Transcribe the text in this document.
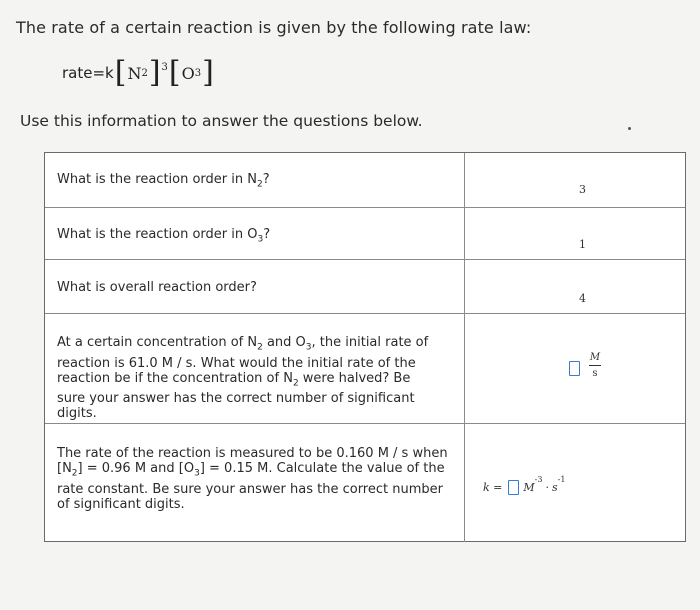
The rate of a certain reaction is given by the following rate law:
rate =k [ N 2 ]$^3$ [ O 3 ]
Use this information to answer the questions below.
What is the reaction order in $N_2$?
3
What is the reaction order in $O_3$?
1
What is overall reaction order?
4
At a certain concentration of $N_2$ and $O_3$, the initial rate of reaction is 61.0 M / s. What would the initial rate of the reaction be if the concentration of $N_2$ were halved? Be sure your answer has the correct number of significant digits.
M
s
The rate of the reaction is measured to be 0.160 M / s when $[N_2] = 0.96$ M and $[O_3] = 0.15$ M. Calculate the value of the rate constant. Be sure your answer has the correct number of significant digits.
k = M
$^{-3}$
· s
$^{-1}$
